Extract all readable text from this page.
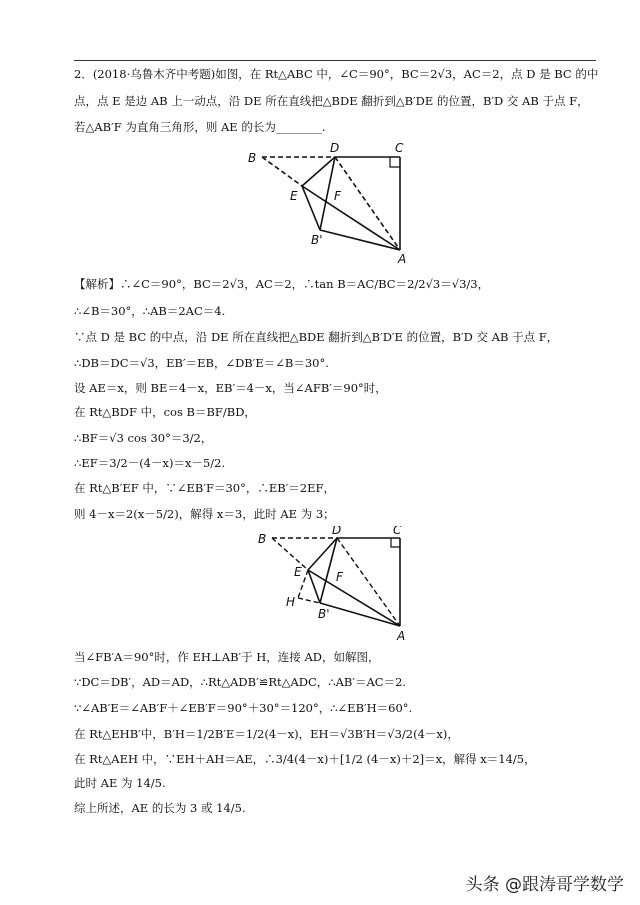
2．(2018·乌鲁木齐中考题)如图，在 Rt△ABC 中，∠C＝90°，BC＝2√3，AC＝2，点 D 是 BC 的中
点，点 E 是边 AB 上一动点，沿 DE 所在直线把△BDE 翻折到△B′DE 的位置，B′D 交 AB 于点 F，
若△AB′F 为直角三角形，则 AE 的长为________.
B
D	C
E	F
B'
A
【解析】∴∠C＝90°，BC＝2√3，AC＝2，∴tan B＝AC/BC＝2/2√3＝√3/3，
∴∠B＝30°，∴AB＝2AC＝4.
∵点 D 是 BC 的中点，沿 DE 所在直线把△BDE 翻折到△B′D′E 的位置，B′D 交 AB 于点 F，
∴DB＝DC＝√3，EB′＝EB，∠DB′E＝∠B＝30°.
设 AE＝x，则 BE＝4－x，EB′＝4－x，当∠AFB′＝90°时，
在 Rt△BDF 中，cos B＝BF/BD，
∴BF＝√3 cos 30°＝3/2，
∴EF＝3/2－(4－x)＝x－5/2.
在 Rt△B′EF 中，∵∠EB′F＝30°，∴EB′＝2EF，
则 4－x＝2(x－5/2)，解得 x＝3，此时 AE 为 3；
B
D	C
E	F
H
B'
A
当∠FB′A＝90°时，作 EH⊥AB′于 H，连接 AD，如解图，
∵DC＝DB′，AD＝AD，∴Rt△ADB′≌Rt△ADC，∴AB′＝AC＝2.
∵∠AB′E＝∠AB′F＋∠EB′F＝90°＋30°＝120°，∴∠EB′H＝60°.
在 Rt△EHB′中，B′H＝1/2B′E＝1/2(4－x)，EH＝√3B′H＝√3/2(4－x)，
在 Rt△AEH 中，∵EH＋AH＝AE，∴3/4(4－x)＋[1/2 (4－x)＋2]＝x，解得 x＝14/5，
此时 AE 为 14/5.
综上所述，AE 的长为 3 或 14/5.
头条 @跟涛哥学数学
